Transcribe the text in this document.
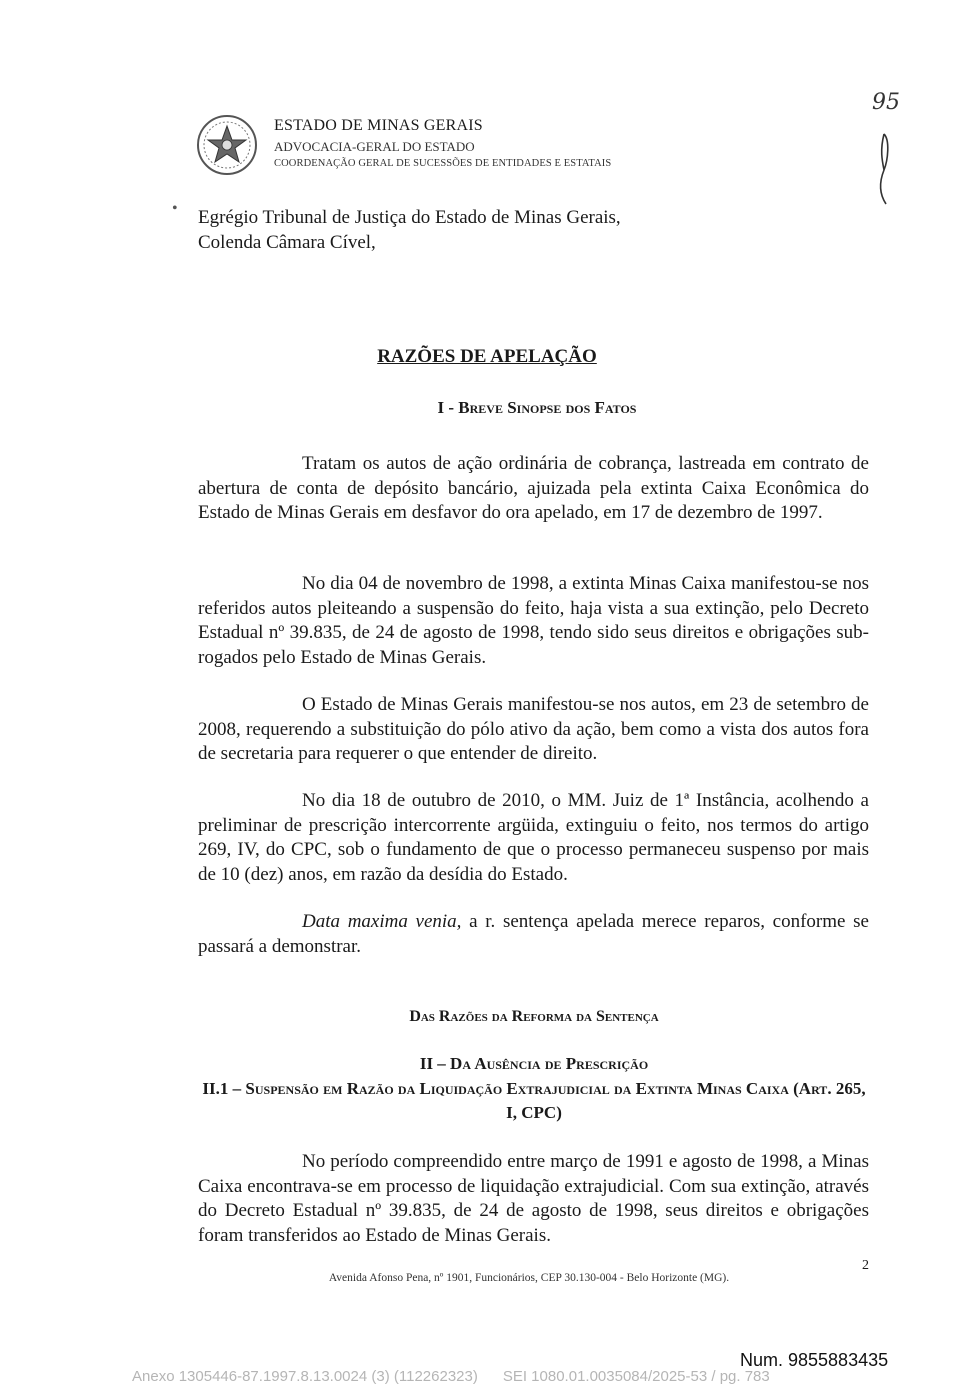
ESTADO DE MINAS GERAIS
ADVOCACIA-GERAL DO ESTADO
COORDENAÇÃO GERAL DE SUCESSÕES DE ENTIDADES E ESTATAIS
95
• Egrégio Tribunal de Justiça do Estado de Minas Gerais,
Colenda Câmara Cível,
RAZÕES DE APELAÇÃO
I - Breve Sinopse dos Fatos
Tratam os autos de ação ordinária de cobrança, lastreada em contrato de abertura de conta de depósito bancário, ajuizada pela extinta Caixa Econômica do Estado de Minas Gerais em desfavor do ora apelado, em 17 de dezembro de 1997.
No dia 04 de novembro de 1998, a extinta Minas Caixa manifestou-se nos referidos autos pleiteando a suspensão do feito, haja vista a sua extinção, pelo Decreto Estadual nº 39.835, de 24 de agosto de 1998, tendo sido seus direitos e obrigações sub-rogados pelo Estado de Minas Gerais.
O Estado de Minas Gerais manifestou-se nos autos, em 23 de setembro de 2008, requerendo a substituição do pólo ativo da ação, bem como a vista dos autos fora de secretaria para requerer o que entender de direito.
No dia 18 de outubro de 2010, o MM. Juiz de 1ª Instância, acolhendo a preliminar de prescrição intercorrente argüida, extinguiu o feito, nos termos do artigo 269, IV, do CPC, sob o fundamento de que o processo permaneceu suspenso por mais de 10 (dez) anos, em razão da desídia do Estado.
Data maxima venia, a r. sentença apelada merece reparos, conforme se passará a demonstrar.
Das Razões da Reforma da Sentença
II – Da Ausência de Prescrição
II.1 – Suspensão em Razão da Liquidação Extrajudicial da Extinta Minas Caixa (Art. 265, I, CPC)
No período compreendido entre março de 1991 e agosto de 1998, a Minas Caixa encontrava-se em processo de liquidação extrajudicial. Com sua extinção, através do Decreto Estadual nº 39.835, de 24 de agosto de 1998, seus direitos e obrigações foram transferidos ao Estado de Minas Gerais.
2
Avenida Afonso Pena, nº 1901, Funcionários, CEP 30.130-004 - Belo Horizonte (MG).
Num. 9855883435
Anexo 1305446-87.1997.8.13.0024 (3) (112262323)      SEI 1080.01.0035084/2025-53 / pg. 783
